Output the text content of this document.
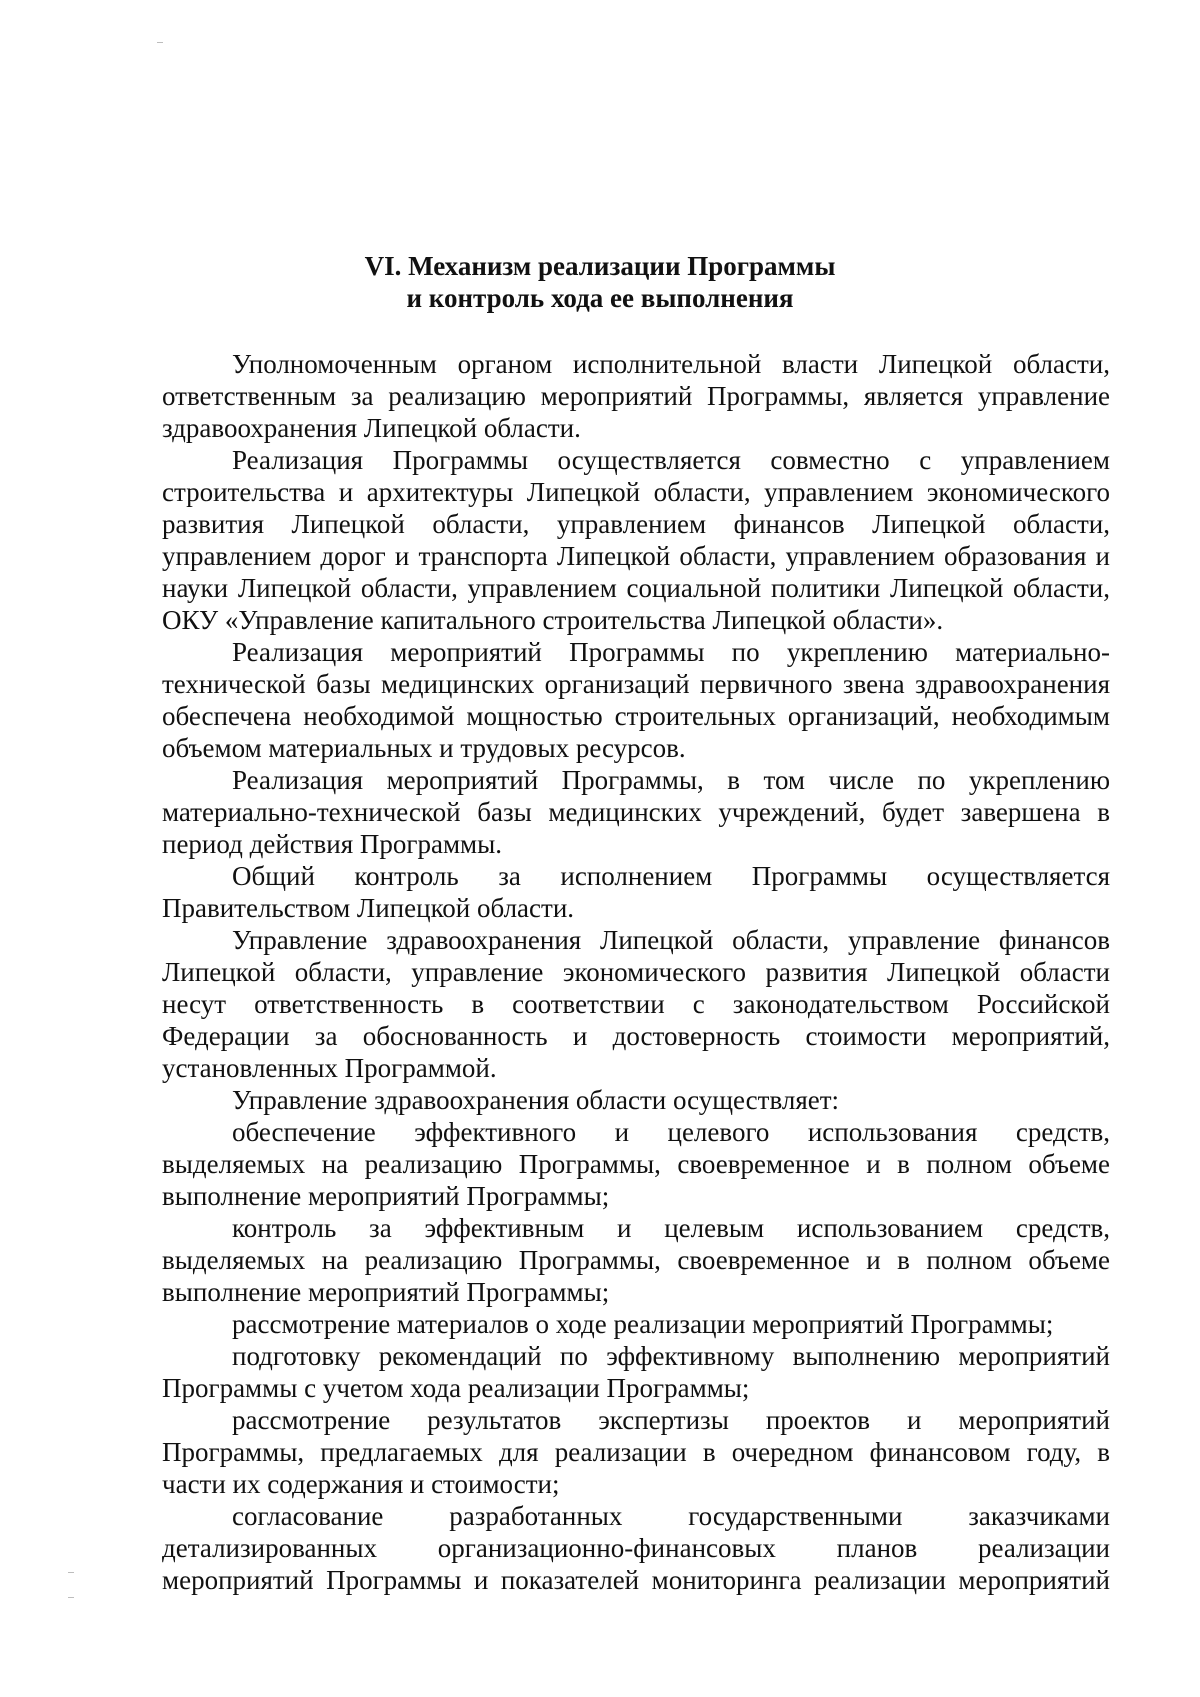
VI. Механизм реализации Программы
и контроль хода ее выполнения

Уполномоченным органом исполнительной власти Липецкой области,

ответственным за реализацию мероприятий Программы, является управление

здравоохранения Липецкой области.

Реализация Программы осуществляется совместно с управлением

строительства и архитектуры Липецкой области, управлением экономического

развития Липецкой области, управлением финансов Липецкой области,

управлением дорог и транспорта Липецкой области, управлением образования и

науки Липецкой области, управлением социальной политики Липецкой области,

ОКУ «Управление капитального строительства Липецкой области».

Реализация мероприятий Программы по укреплению материально-

технической базы медицинских организаций первичного звена здравоохранения

обеспечена необходимой мощностью строительных организаций, необходимым

объемом материальных и трудовых ресурсов.

Реализация мероприятий Программы, в том числе по укреплению

материально-технической базы медицинских учреждений, будет завершена в

период действия Программы.

Общий контроль за исполнением Программы осуществляется

Правительством Липецкой области.

Управление здравоохранения Липецкой области, управление финансов

Липецкой области, управление экономического развития Липецкой области

несут ответственность в соответствии с законодательством Российской

Федерации за обоснованность и достоверность стоимости мероприятий,

установленных Программой.

Управление здравоохранения области осуществляет:

обеспечение эффективного и целевого использования средств,

выделяемых на реализацию Программы, своевременное и в полном объеме

выполнение мероприятий Программы;

контроль за эффективным и целевым использованием средств,

выделяемых на реализацию Программы, своевременное и в полном объеме

выполнение мероприятий Программы;

рассмотрение материалов о ходе реализации мероприятий Программы;

подготовку рекомендаций по эффективному выполнению мероприятий

Программы с учетом хода реализации Программы;

рассмотрение результатов экспертизы проектов и мероприятий

Программы, предлагаемых для реализации в очередном финансовом году, в

части их содержания и стоимости;

согласование разработанных государственными заказчиками

детализированных организационно-финансовых планов реализации

мероприятий Программы и показателей мониторинга реализации мероприятий
